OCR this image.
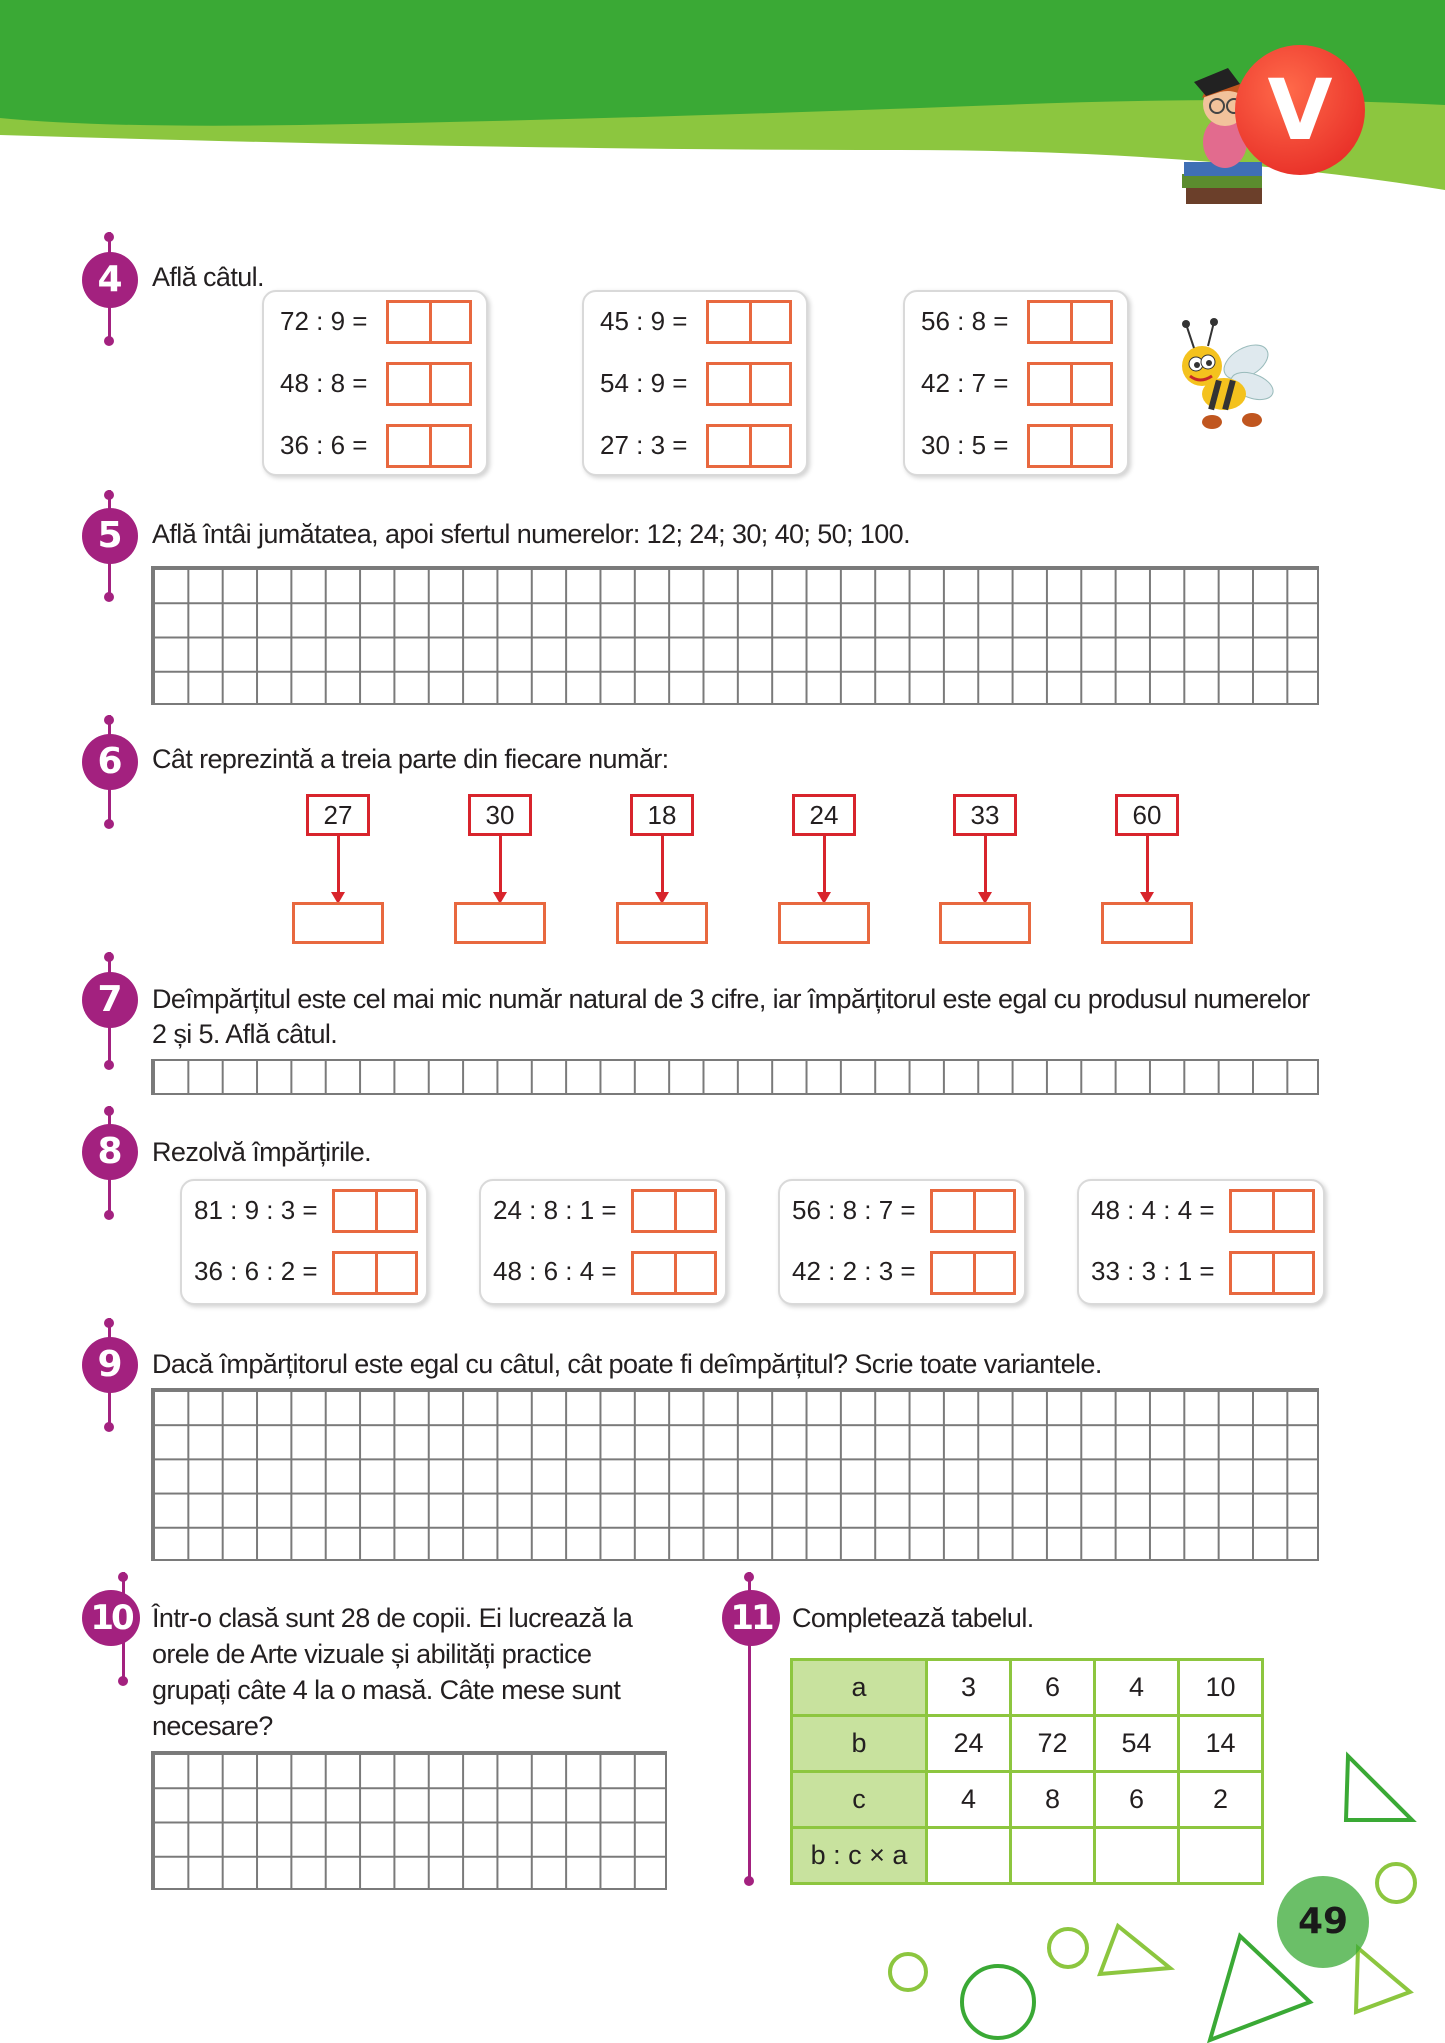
V
4	Află câtul.
72 : 9 =
48 : 8 =
36 : 6 =
45 : 9 =
54 : 9 =
27 : 3 =
56 : 8 =
42 : 7 =
30 : 5 =
5	Află întâi jumătatea, apoi sfertul numerelor: 12; 24; 30; 40; 50; 100.
6	Cât reprezintă a treia parte din fiecare număr:
27	30	18	24	33	60
7	Deîmpărțitul este cel mai mic număr natural de 3 cifre, iar împărțitorul este egal cu produsul numerelor
2 și 5. Află câtul.
8	Rezolvă împărțirile.
81 : 9 : 3 =
36 : 6 : 2 =
24 : 8 : 1 =
48 : 6 : 4 =
56 : 8 : 7 =
42 : 2 : 3 =
48 : 4 : 4 =
33 : 3 : 1 =
9	Dacă împărțitorul este egal cu câtul, cât poate fi deîmpărțitul? Scrie toate variantele.
10 Într-o clasă sunt 28 de copii. Ei lucrează la
orele de Arte vizuale și abilități practice
grupați câte 4 la o masă. Câte mese sunt
necesare?
11 Completează tabelul.
a	3	6	4	10
b	24	72	54	14
c	4	8	6	2
b : c × a				
49
